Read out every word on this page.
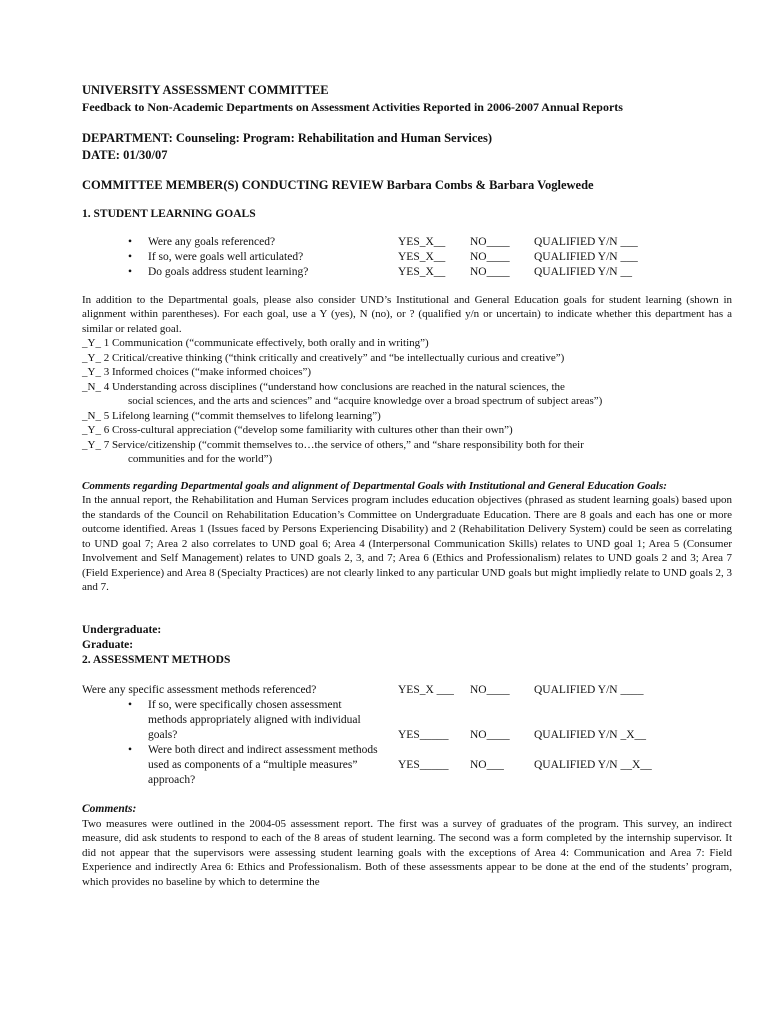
UNIVERSITY ASSESSMENT COMMITTEE
Feedback to Non-Academic Departments on Assessment Activities Reported in 2006-2007 Annual Reports
DEPARTMENT: Counseling: Program: Rehabilitation and Human Services)
DATE: 01/30/07
COMMITTEE MEMBER(S) CONDUCTING REVIEW Barbara Combs & Barbara Voglewede
1. STUDENT LEARNING GOALS
• Were any goals referenced?	YES_X__ NO____ QUALIFIED Y/N ___
• If so, were goals well articulated?	YES_X__ NO____ QUALIFIED Y/N ___
• Do goals address student learning?	YES_X__ NO____ QUALIFIED Y/N __
In addition to the Departmental goals, please also consider UND’s Institutional and General Education goals for student learning (shown in alignment within parentheses). For each goal, use a Y (yes), N (no), or ? (qualified y/n or uncertain) to indicate whether this department has a similar or related goal.
_Y_ 1 Communication (“communicate effectively, both orally and in writing”)
_Y_ 2 Critical/creative thinking (“think critically and creatively” and “be intellectually curious and creative”)
_Y_ 3 Informed choices (“make informed choices”)
_N_ 4 Understanding across disciplines (“understand how conclusions are reached in the natural sciences, the
social sciences, and the arts and sciences” and “acquire knowledge over a broad spectrum of subject areas”)
_N_ 5 Lifelong learning (“commit themselves to lifelong learning”)
_Y_ 6 Cross-cultural appreciation (“develop some familiarity with cultures other than their own”)
_Y_ 7 Service/citizenship (“commit themselves to…the service of others,” and “share responsibility both for their
communities and for the world”)
Comments regarding Departmental goals and alignment of Departmental Goals with Institutional and General Education Goals:
In the annual report, the Rehabilitation and Human Services program includes education objectives (phrased as student learning goals) based upon the standards of the Council on Rehabilitation Education’s Committee on Undergraduate Education. There are 8 goals and each has one or more outcome identified. Areas 1 (Issues faced by Persons Experiencing Disability) and 2 (Rehabilitation Delivery System) could be seen as correlating to UND goal 7; Area 2 also correlates to UND goal 6; Area 4 (Interpersonal Communication Skills) relates to UND goal 1; Area 5 (Consumer Involvement and Self Management) relates to UND goals 2, 3, and 7; Area 6 (Ethics and Professionalism) relates to UND goals 2 and 3; Area 7 (Field Experience) and Area 8 (Specialty Practices) are not clearly linked to any particular UND goals but might impliedly relate to UND goals 2, 3 and 7.
Undergraduate:
Graduate:
2. ASSESSMENT METHODS
Were any specific assessment methods referenced?	YES_X ___ NO____ QUALIFIED Y/N ____
• If so, were specifically chosen assessment methods appropriately aligned with individual goals?	YES_____ NO____ QUALIFIED Y/N _X__
• Were both direct and indirect assessment methods used as components of a “multiple measures” approach?
YES_____ NO___	QUALIFIED Y/N __X__
Comments:
Two measures were outlined in the 2004-05 assessment report. The first was a survey of graduates of the program. This survey, an indirect measure, did ask students to respond to each of the 8 areas of student learning. The second was a form completed by the internship supervisor. It did not appear that the supervisors were assessing student learning goals with the exceptions of Area 4: Communication and Area 7: Field Experience and indirectly Area 6: Ethics and Professionalism. Both of these assessments appear to be done at the end of the students’ program, which provides no baseline by which to determine the
